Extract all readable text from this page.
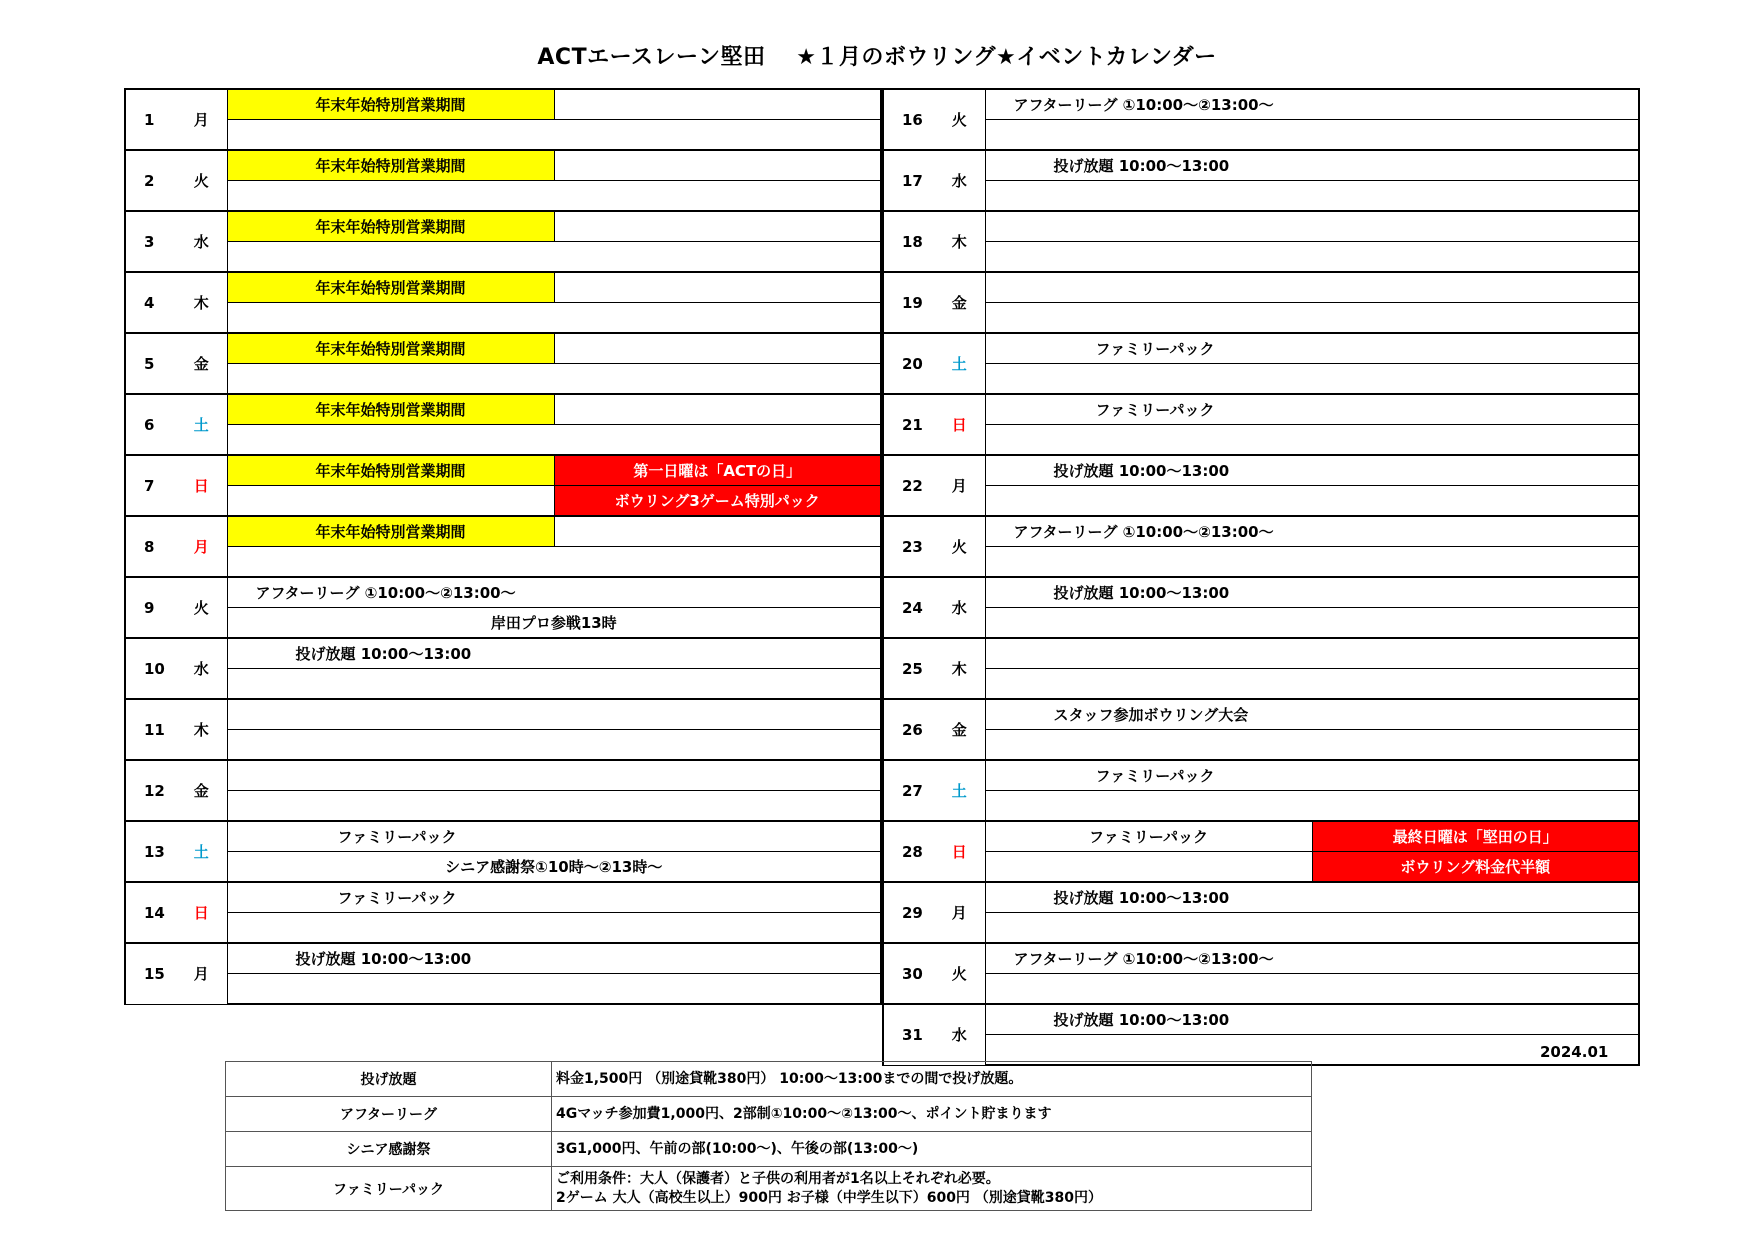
ACTエースレーン堅田　 ★１月のボウリング★イベントカレンダー
1	月	年末年始特別営業期間	

2	火	年末年始特別営業期間	

3	水	年末年始特別営業期間	

4	木	年末年始特別営業期間	

5	金	年末年始特別営業期間	

6	土	年末年始特別営業期間	

7	日	年末年始特別営業期間	第一日曜は「ACTの日」
			ボウリング3ゲーム特別パック
8	月	年末年始特別営業期間	

9	火	アフターリーグ ①10:00～②13:00～	
		岸田プロ参戦13時	
10	水	投げ放題 10:00～13:00	

11	木		

12	金		

13	土	ファミリーパック	
		シニア感謝祭①10時～②13時～	
14	日	ファミリーパック	

15	月	投げ放題 10:00～13:00	

16	火	アフターリーグ ①10:00～②13:00～	

17	水	投げ放題 10:00～13:00	

18	木		

19	金		

20	土	ファミリーパック	

21	日	ファミリーパック	

22	月	投げ放題 10:00～13:00	

23	火	アフターリーグ ①10:00～②13:00～	

24	水	投げ放題 10:00～13:00	

25	木		

26	金	スタッフ参加ボウリング大会	

27	土	ファミリーパック	

28	日	ファミリーパック	最終日曜は「堅田の日」
			ボウリング料金代半額
29	月	投げ放題 10:00～13:00	

30	火	アフターリーグ ①10:00～②13:00～	

31	水	投げ放題 10:00～13:00	

2024.01
投げ放題	料金1,500円 （別途貸靴380円） 10:00～13:00までの間で投げ放題。
アフターリーグ	4Gマッチ参加費1,000円、2部制①10:00～②13:00～、ポイント貯まります
シニア感謝祭	3G1,000円、午前の部(10:00～)、午後の部(13:00～)
ファミリーパック	ご利用条件：大人（保護者）と子供の利用者が1名以上それぞれ必要。
2ゲーム 大人（高校生以上）900円 お子様（中学生以下）600円 （別途貸靴380円）
